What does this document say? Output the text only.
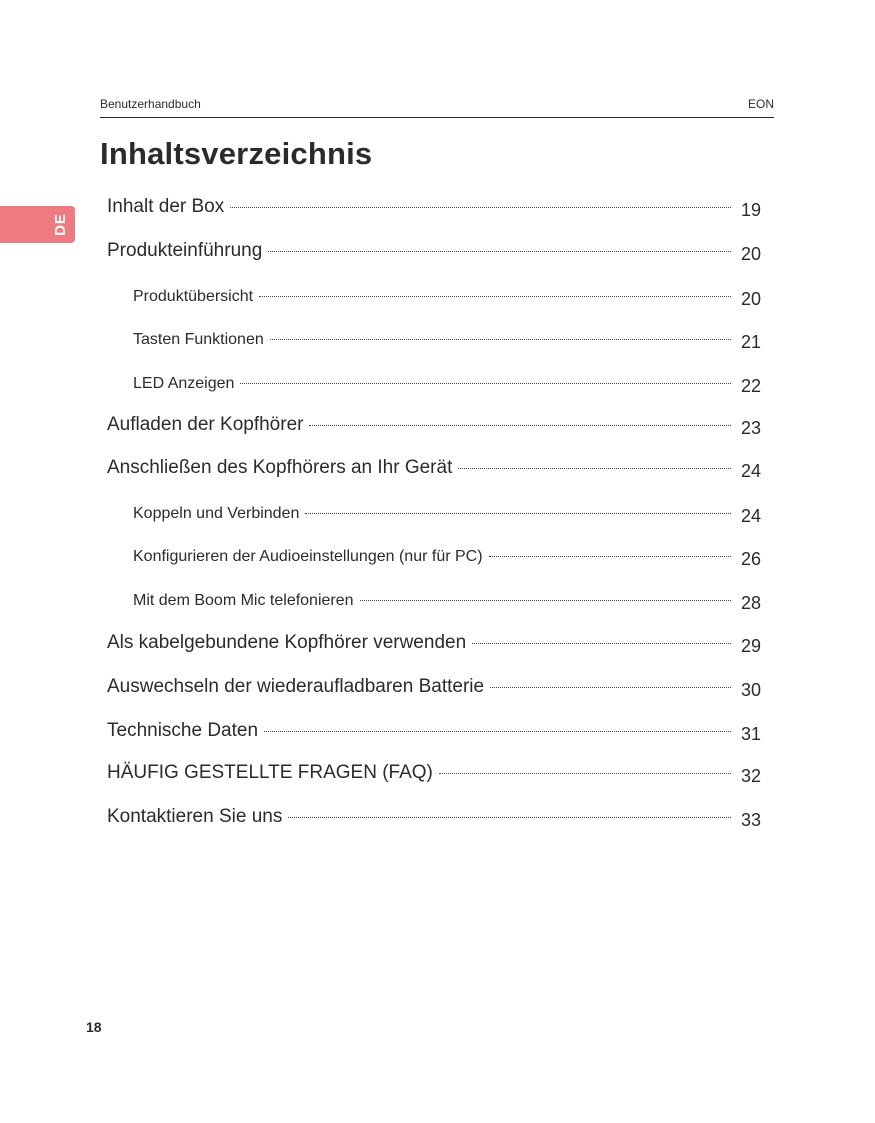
Benutzerhandbuch	EON
Inhaltsverzeichnis
DE
Inhalt der Box	19
Produkteinführung	20
Produktübersicht	20
Tasten Funktionen	21
LED Anzeigen	22
Aufladen der Kopfhörer	23
Anschließen des Kopfhörers an Ihr Gerät	24
Koppeln und Verbinden	24
Konfigurieren der Audioeinstellungen (nur für PC)	26
Mit dem Boom Mic telefonieren	28
Als kabelgebundene Kopfhörer verwenden	29
Auswechseln der wiederaufladbaren Batterie	30
Technische Daten	31
HÄUFIG GESTELLTE FRAGEN (FAQ)	32
Kontaktieren Sie uns	33
18
